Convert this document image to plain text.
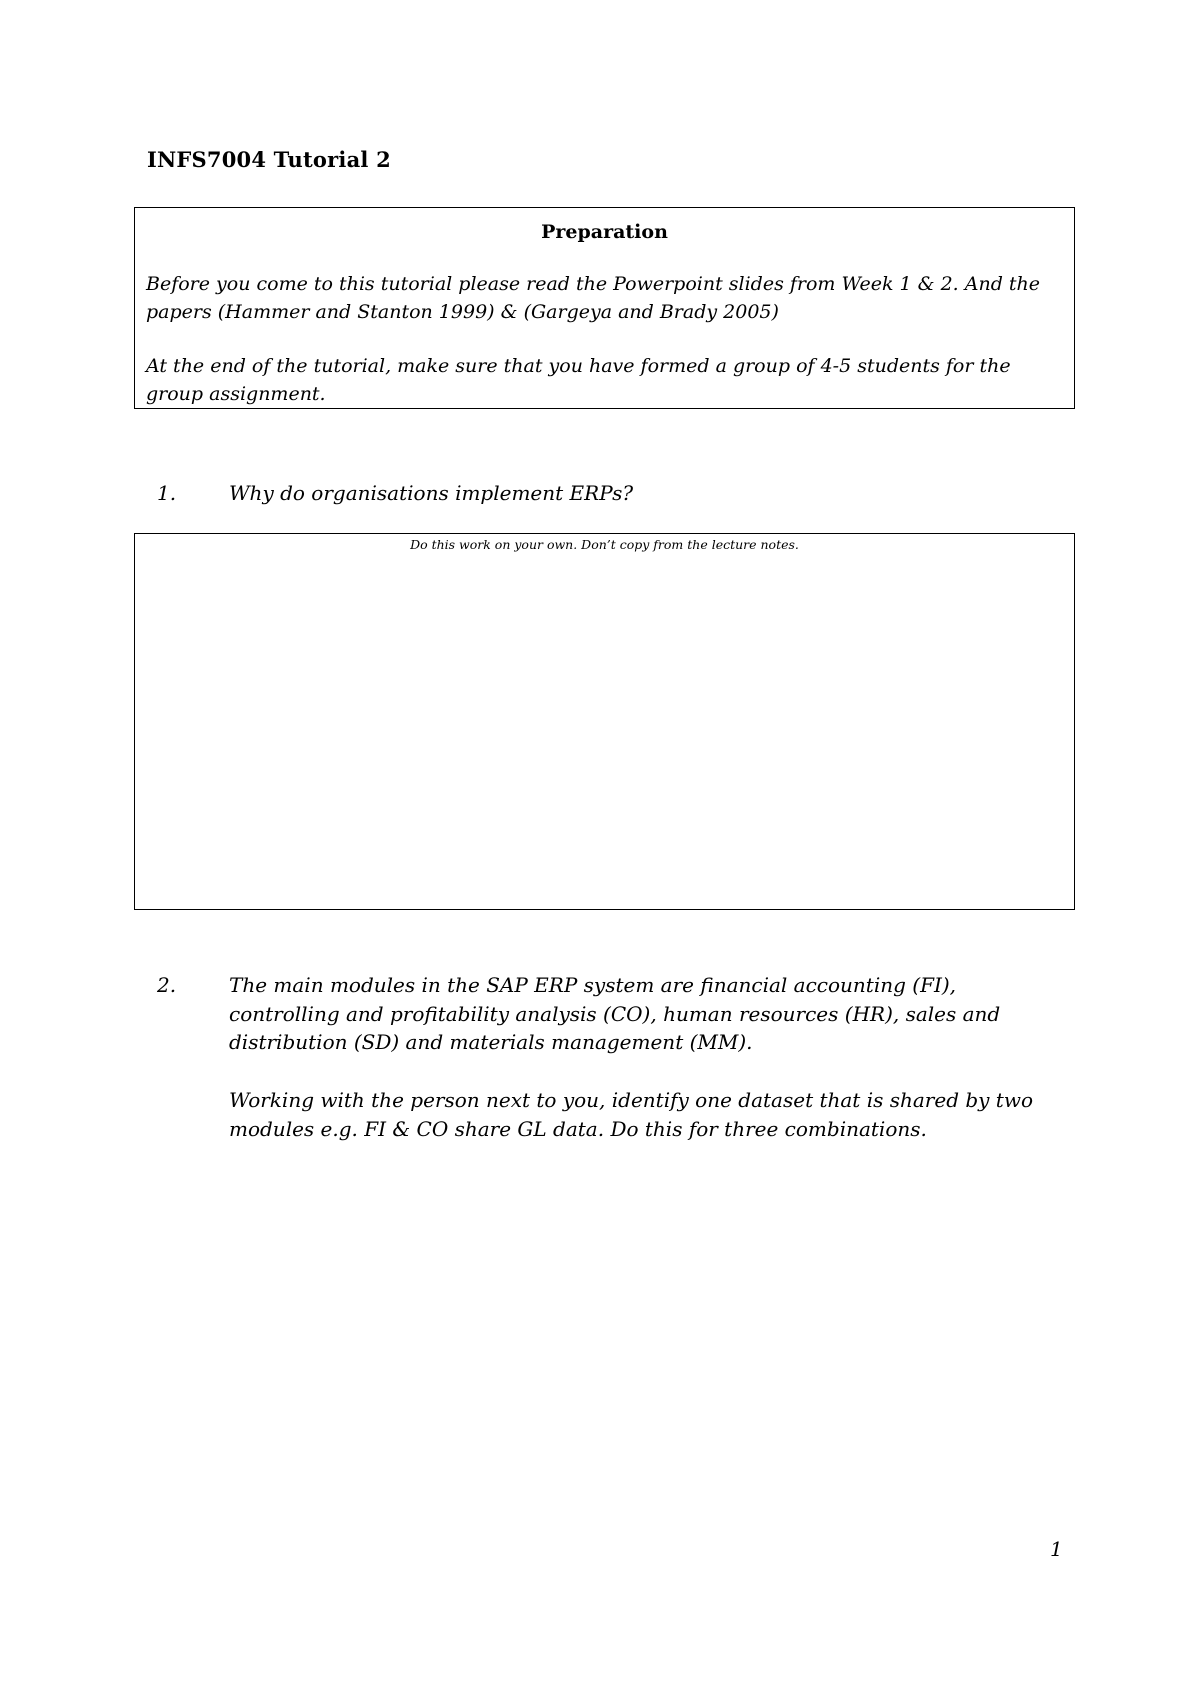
INFS7004 Tutorial 2
Preparation

Before you come to this tutorial please read the Powerpoint slides from Week 1 & 2. And the papers (Hammer and Stanton 1999) & (Gargeya and Brady 2005)

At the end of the tutorial, make sure that you have formed a group of 4-5 students for the group assignment.

1.	Why do organisations implement ERPs?

Do this work on your own. Don’t copy from the lecture notes.
2.	The main modules in the SAP ERP system are financial accounting (FI), controlling and profitability analysis (CO), human resources (HR), sales and distribution (SD) and materials management (MM).

Working with the person next to you, identify one dataset that is shared by two modules e.g. FI & CO share GL data. Do this for three combinations.

1
